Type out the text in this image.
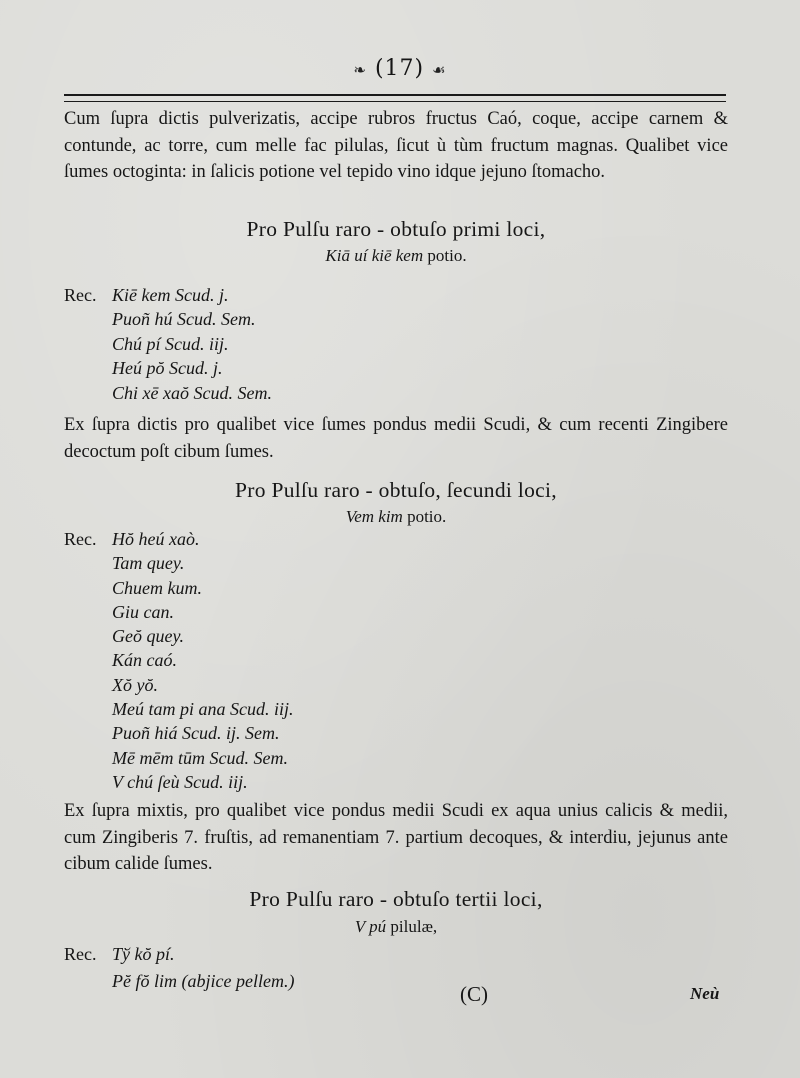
❧ (17) ☙
Cum ſupra dictis pulverizatis, accipe rubros fructus Caó, coque, accipe carnem & contunde, ac torre, cum melle fac pilulas, ſicut ù tùm fructum magnas. Qualibet vice ſumes octoginta: in ſalicis potione vel tepido vino idque jejuno ſtomacho.
Pro Pulſu raro - obtuſo primi loci,
Kiā uí kiē kem potio.
Rec. Kiē kem Scud. j.
Puoñ hú Scud. Sem.
Chú pí Scud. iij.
Heú pŏ Scud. j.
Chi xē xaŏ Scud. Sem.
Ex ſupra dictis pro qualibet vice ſumes pondus medii Scudi, & cum recenti Zingibere decoctum poſt cibum ſumes.
Pro Pulſu raro - obtuſo, ſecundi loci,
Vem kim potio.
Rec. Hŏ heú xaò.
Tam quey.
Chuem kum.
Giu can.
Geŏ quey.
Kán caó.
Xŏ yŏ.
Meú tam pi ana Scud. iij.
Puoñ hiá Scud. ij. Sem.
Mē mēm tūm Scud. Sem.
V chú ſeù Scud. iij.
Ex ſupra mixtis, pro qualibet vice pondus medii Scudi ex aqua unius calicis & medii, cum Zingiberis 7. fruſtis, ad remanentiam 7. partium decoques, & interdiu, jejunus ante cibum calide ſumes.
Pro Pulſu raro - obtuſo tertii loci,
V pú pilulæ,
Rec. Tў kŏ pí.
Pĕ fŏ lim (abjice pellem.)
(C)	Neù
